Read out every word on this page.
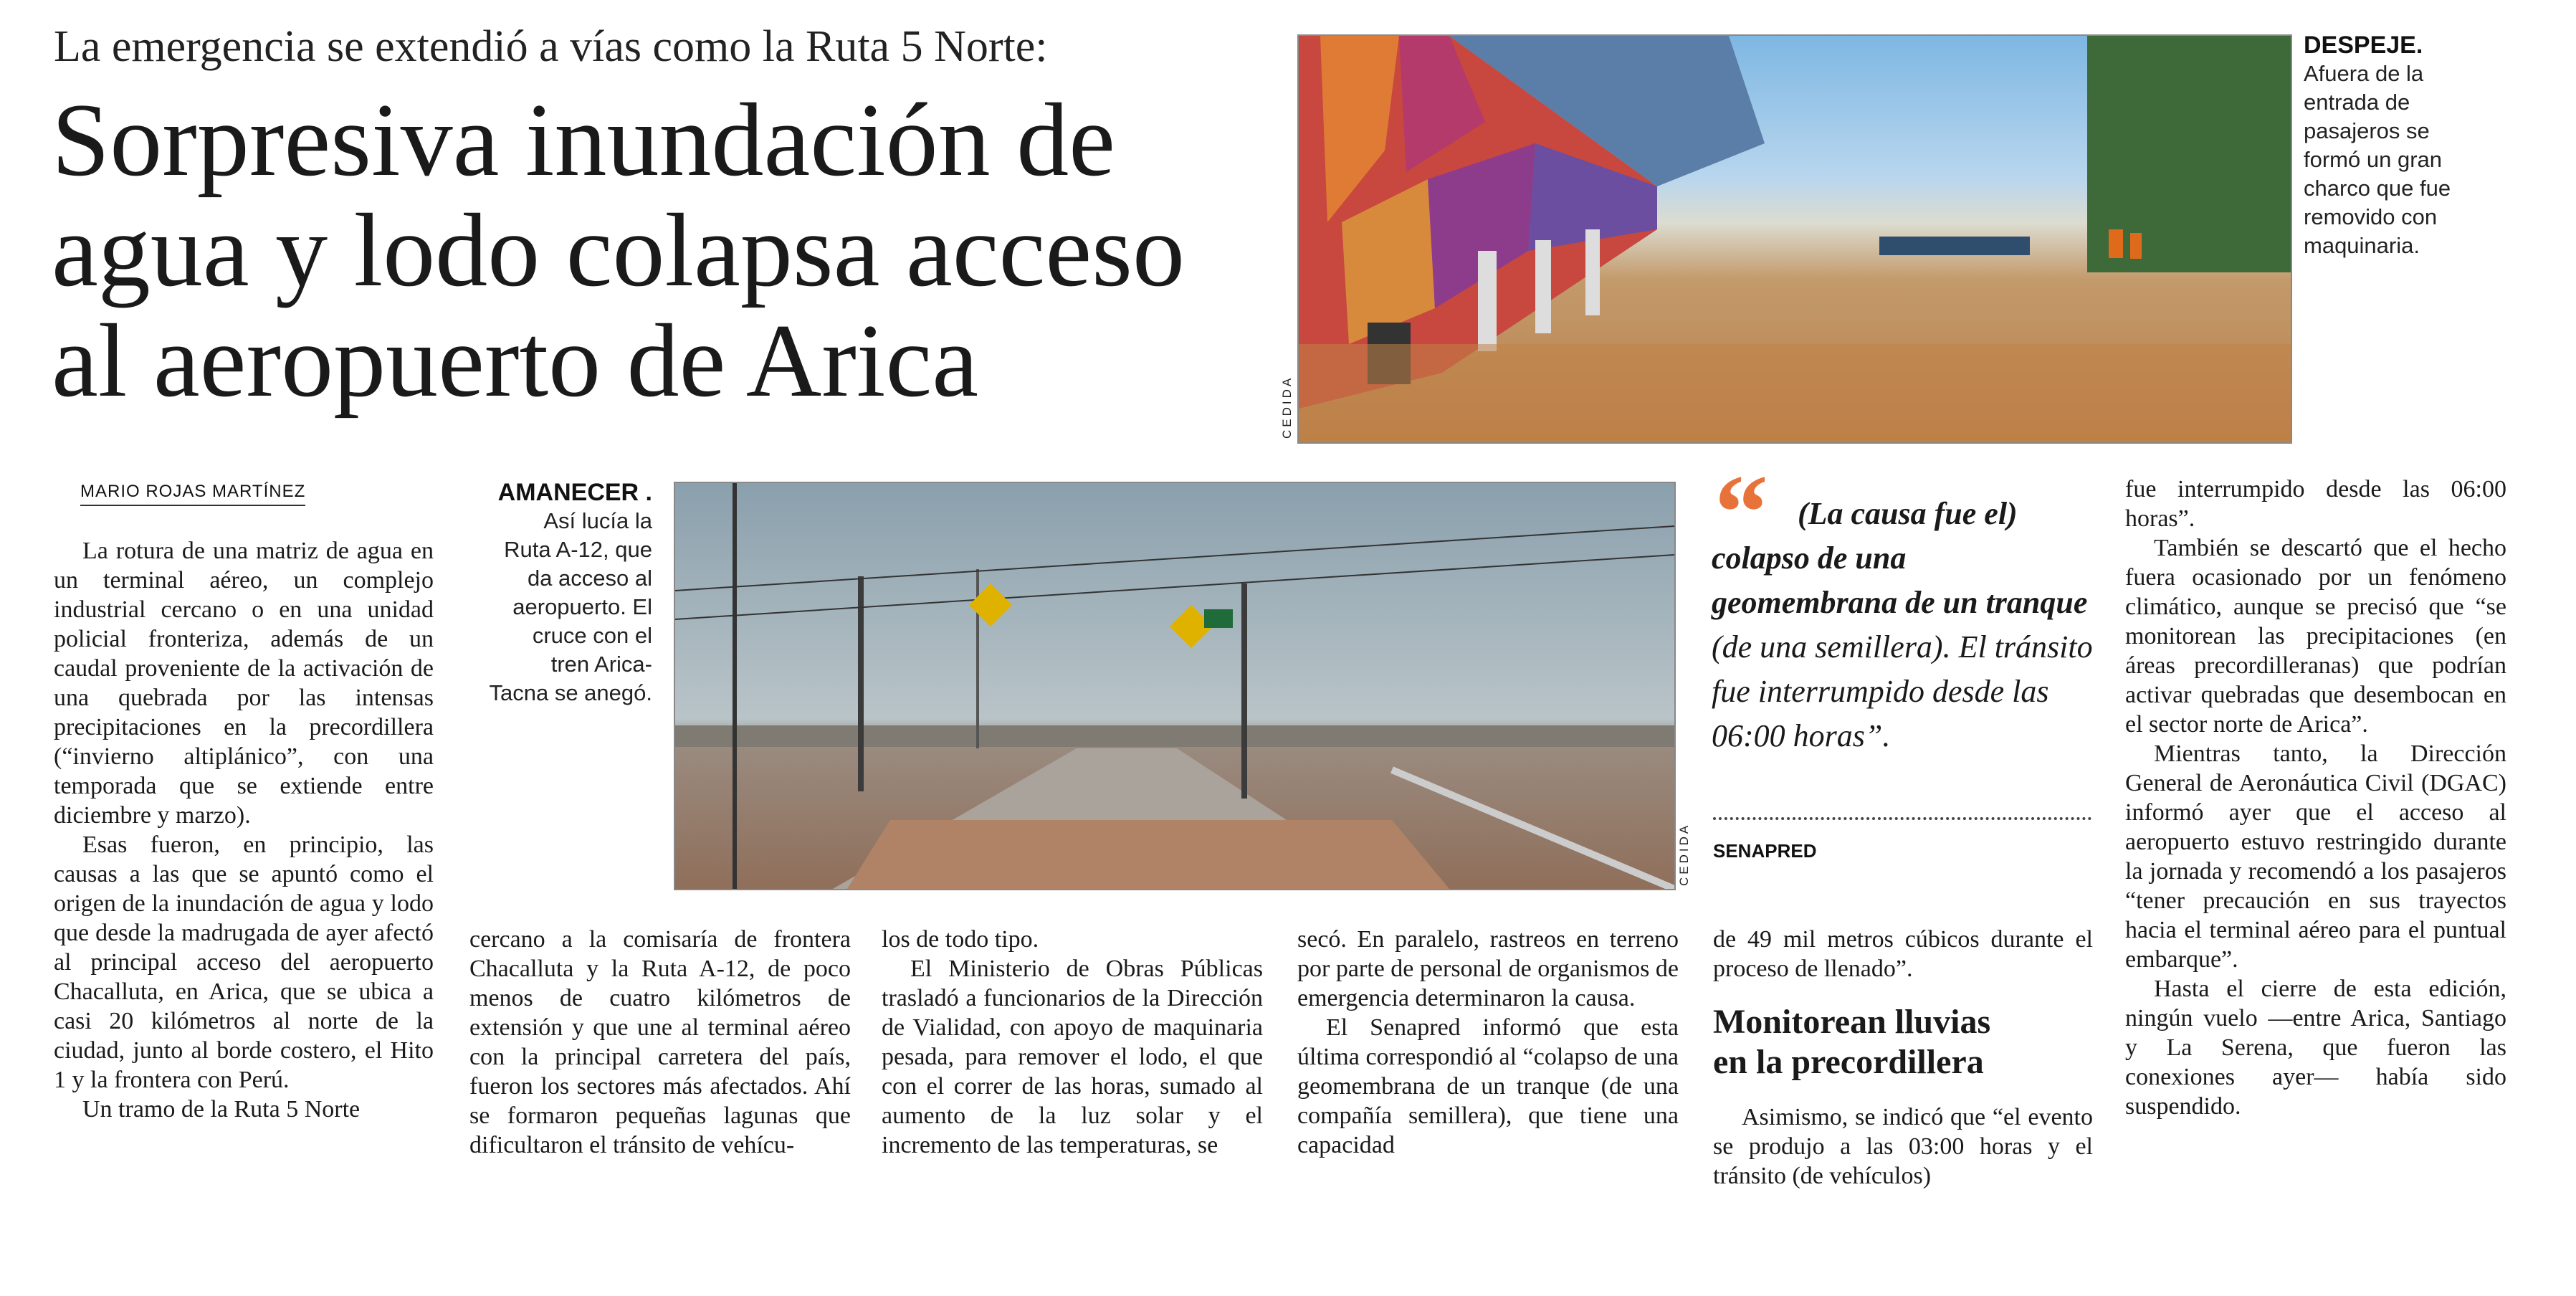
La emergencia se extendió a vías como la Ruta 5 Norte:
Sorpresiva inundación de
agua y lodo colapsa acceso
al aeropuerto de Arica	CEDIDA
DESPEJE.
Afuera de la
entrada de
pasajeros se
formó un gran
charco que fue
removido con
maquinaria.
MARIO ROJAS MARTÍNEZ

La rotura de una matriz de agua en un terminal aéreo, un complejo industrial cercano o en una unidad policial fronteriza, además de un caudal proveniente de la activación de una quebrada por las intensas precipitaciones en la precordillera (“invierno altiplánico”, con una temporada que se extiende entre diciembre y marzo).

Esas fueron, en principio, las causas a las que se apuntó como el origen de la inundación de agua y lodo que desde la madrugada de ayer afectó al principal acceso del aeropuerto Chacalluta, en Arica, que se ubica a casi 20 kilómetros al norte de la ciudad, junto al borde costero, el Hito 1 y la frontera con Perú.

Un tramo de la Ruta 5 Norte

AMANECER .
Así lucía la
Ruta A-12, que
da acceso al
aeropuerto. El
cruce con el
tren Arica-
Tacna se anegó.
CEDIDA

cercano a la comisaría de frontera Chacalluta y la Ruta A-12, de poco menos de cuatro kilómetros de extensión y que une al terminal aéreo con la principal carretera del país, fueron los sectores más afectados. Ahí se formaron pequeñas lagunas que dificultaron el tránsito de vehícu-

los de todo tipo.

El Ministerio de Obras Públicas trasladó a funcionarios de la Dirección de Vialidad, con apoyo de maquinaria pesada, para remover el lodo, el que con el correr de las horas, sumado al aumento de la luz solar y el incremento de las temperaturas, se

secó. En paralelo, rastreos en terreno por parte de personal de organismos de emergencia determinaron la causa.

El Senapred informó que esta última correspondió al “colapso de una geomembrana de un tranque (de una compañía semillera), que tiene una capacidad

“ (La causa fue el) colapso de una geomembrana de un tranque (de una semillera). El tránsito fue interrumpido desde las 06:00 horas”.
SENAPRED

de 49 mil metros cúbicos durante el proceso de llenado”.

Monitorean lluvias
en la precordillera

Asimismo, se indicó que “el evento se produjo a las 03:00 horas y el tránsito (de vehículos)

fue interrumpido desde las 06:00 horas”.

También se descartó que el hecho fuera ocasionado por un fenómeno climático, aunque se precisó que “se monitorean las precipitaciones (en áreas precordilleranas) que podrían activar quebradas que desembocan en el sector norte de Arica”.

Mientras tanto, la Dirección General de Aeronáutica Civil (DGAC) informó ayer que el acceso al aeropuerto estuvo restringido durante la jornada y recomendó a los pasajeros “tener precaución en sus trayectos hacia el terminal aéreo para el puntual embarque”.

Hasta el cierre de esta edición, ningún vuelo —entre Arica, Santiago y La Serena, que fueron las conexiones ayer— había sido suspendido.
